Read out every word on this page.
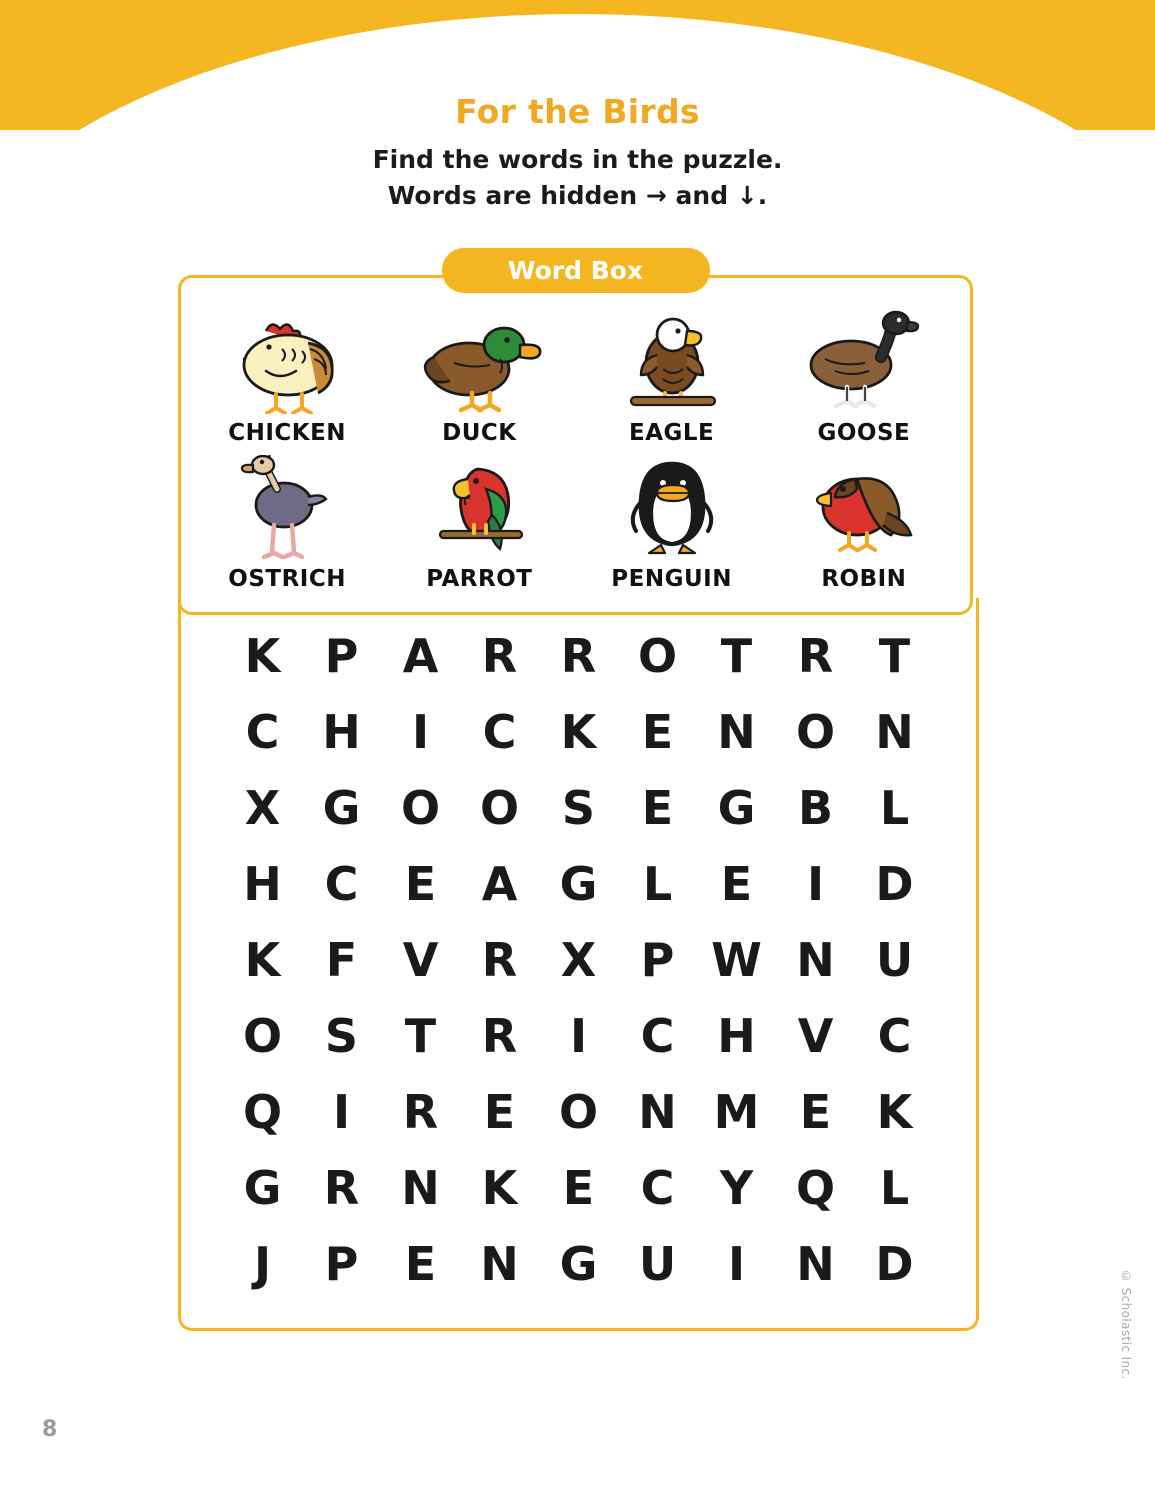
For the Birds
Find the words in the puzzle.
Words are hidden → and ↓.
Word Box
CHICKEN	DUCK	EAGLE	GOOSE
OSTRICH	PARROT	PENGUIN	ROBIN
K P A R R O T R T
C H	I	C K E N O N
X G O O S	E G B	L
H C	E A G L	E	I	D
K F V R X P W N U
O S	T R	I	C H V C
Q	I	R E O N M E K
G R N K E	C Y Q L
J	P	E N G U	I	N D
8
© Scholastic Inc.
